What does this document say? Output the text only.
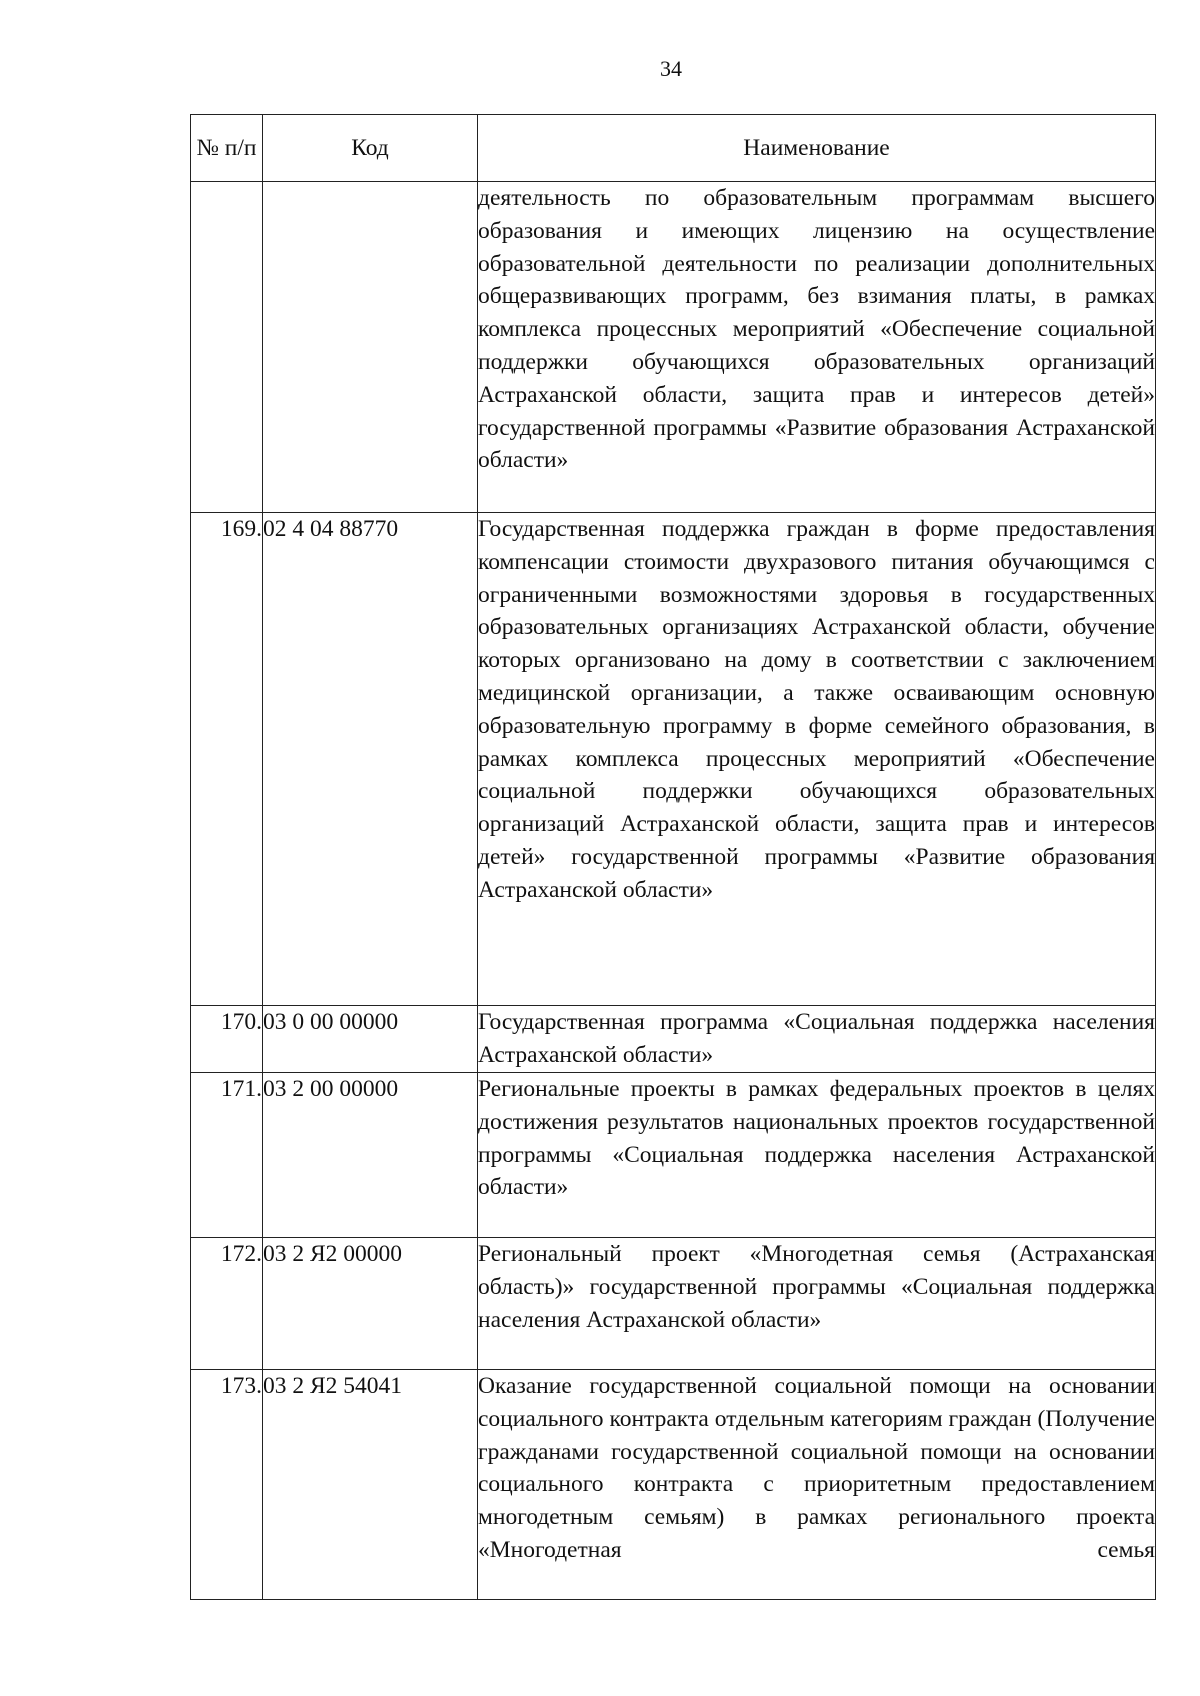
34
№ п/п	Код	Наименование
		деятельность по образовательным программам высшего образования и имеющих лицензию на осуществление образовательной деятельности по реализации дополнительных общеразвивающих программ, без взимания платы, в рамках комплекса процессных мероприятий «Обеспечение социальной поддержки обучающихся образовательных организаций Астраханской области, защита прав и интересов детей» государственной программы «Развитие образования Астраханской области»
169.	02 4 04 88770	Государственная поддержка граждан в форме предоставления компенсации стоимости двухразового питания обучающимся с ограниченными возможностями здоровья в государственных образовательных организациях Астраханской области, обучение которых организовано на дому в соответствии с заключением медицинской организации, а также осваивающим основную образовательную программу в форме семейного образования, в рамках комплекса процессных мероприятий «Обеспечение социальной поддержки обучающихся образовательных организаций Астраханской области, защита прав и интересов детей» государственной программы «Развитие образования Астраханской области»
170.	03 0 00 00000	Государственная программа «Социальная поддержка населения Астраханской области»
171.	03 2 00 00000	Региональные проекты в рамках федеральных проектов в целях достижения результатов национальных проектов государственной программы «Социальная поддержка населения Астраханской области»
172.	03 2 Я2 00000	Региональный проект «Многодетная семья (Астраханская область)» государственной программы «Социальная поддержка населения Астраханской области»
173.	03 2 Я2 54041	Оказание государственной социальной помощи на основании социального контракта отдельным категориям граждан (Получение гражданами государственной социальной помощи на основании социального контракта с приоритетным предоставлением многодетным семьям) в рамках регионального проекта «Многодетная семья
